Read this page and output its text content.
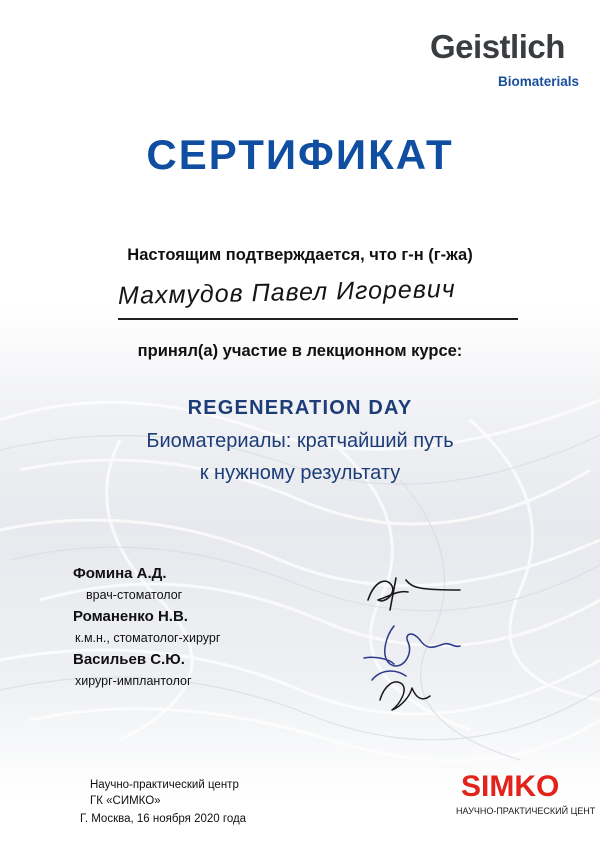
Geistlich
Biomaterials
СЕРТИФИКАТ

Настоящим подтверждается, что г-н (г-жа)

Махмудов Павел Игоревич

принял(а) участие в лекционном курсе:

REGENERATION DAY
Биоматериалы: кратчайший путь
к нужному результату
Фомина А.Д.
врач-стоматолог
Романенко Н.В.
к.м.н., стоматолог-хирург
Васильев С.Ю.
хирург-имплантолог
Научно-практический центр
ГК «СИМКО»
Г. Москва, 16 ноября 2020 года
SIMKO
НАУЧНО-ПРАКТИЧЕСКИЙ ЦЕНТ
